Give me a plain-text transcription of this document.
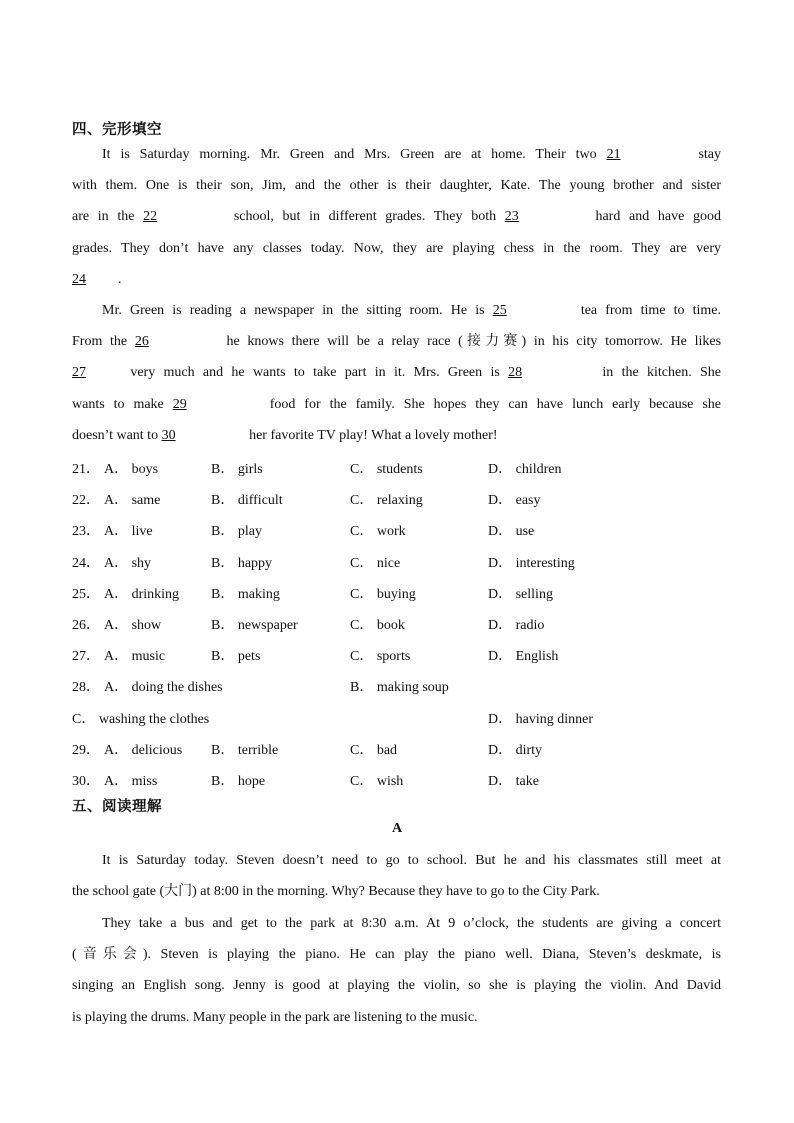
四、完形填空
It is Saturday morning. Mr. Green and Mrs. Green are at home. Their two 21	stay
with them. One is their son, Jim, and the other is their daughter, Kate. The young brother and sister
are in the 22	school, but in different grades. They both 23	hard and have good
grades. They don’t have any classes today. Now, they are playing chess in the room. They are very
24 .
Mr. Green is reading a newspaper in the sitting room. He is 25	tea from time to time.
From the 26	he knows there will be a relay race (接力赛) in his city tomorrow. He likes
27	very much and he wants to take part in it. Mrs. Green is 28	in the kitchen. She
wants to make 29	food for the family. She hopes they can have lunch early because she
doesn’t want to 30	her favorite TV play! What a lovely mother!
21． A． boys	B． girls	C． students	D． children
22． A． same	B． difficult	C． relaxing	D． easy
23． A． live	B． play	C． work	D． use
24． A． shy	B． happy	C． nice	D． interesting
25． A． drinking B． making	C． buying	D． selling
26． A． show	B． newspaper	C． book	D． radio
27． A． music	B． pets	C． sports	D． English
28． A． doing the dishes	B． making soup
C． washing the clothes	D． having dinner
29． A． delicious B． terrible	C． bad	D． dirty
30． A． miss	B． hope	C． wish	D． take
五、阅读理解
A
It is Saturday today. Steven doesn’t need to go to school. But he and his classmates still meet at
the school gate (大门) at 8:00 in the morning. Why? Because they have to go to the City Park.
They take a bus and get to the park at 8:30 a.m. At 9 o’clock, the students are giving a concert
(音乐会). Steven is playing the piano. He can play the piano well. Diana, Steven’s deskmate, is
singing an English song. Jenny is good at playing the violin, so she is playing the violin. And David
is playing the drums. Many people in the park are listening to the music.
